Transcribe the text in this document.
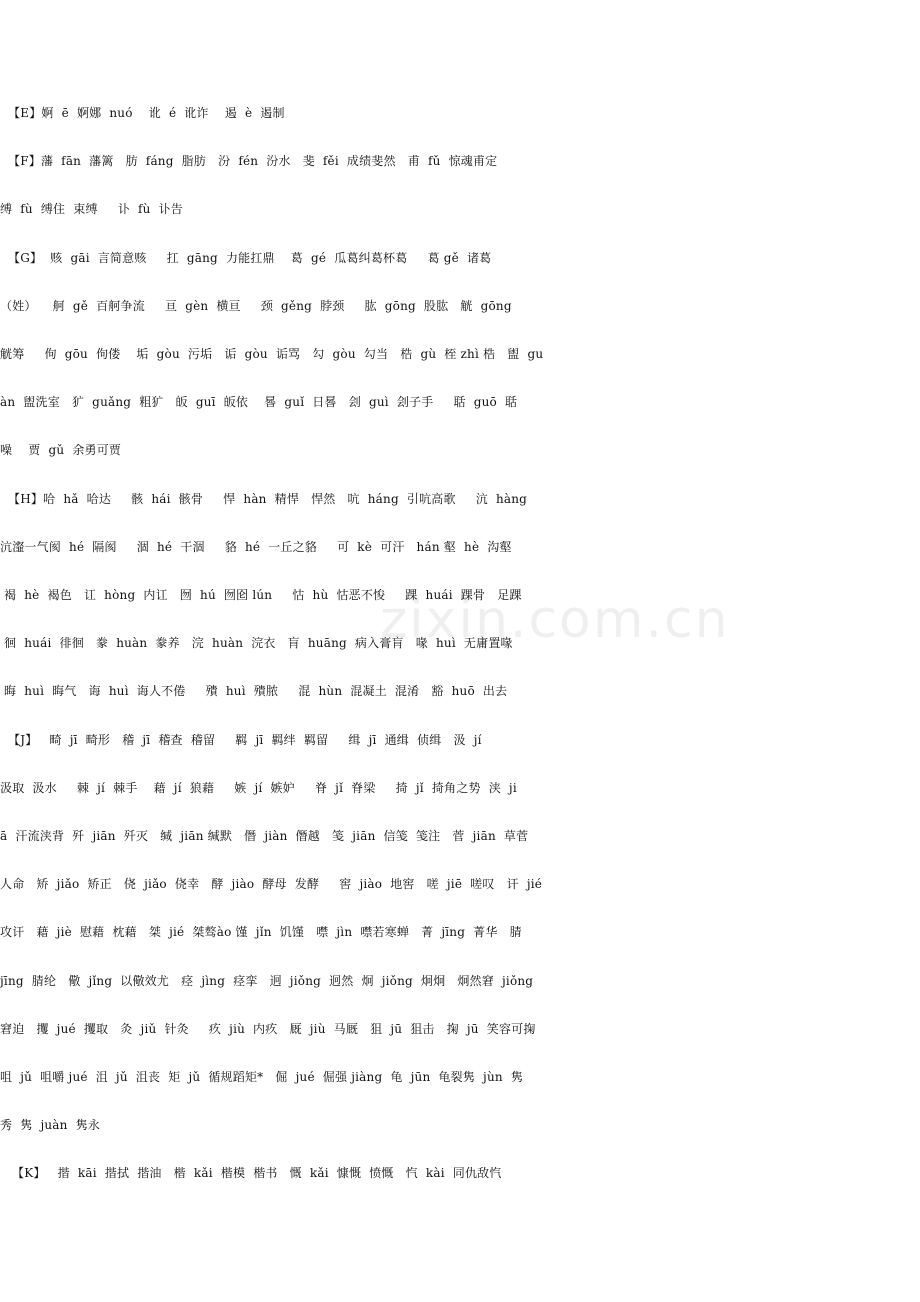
zixin.com.cn
【E】婀  ē  婀娜  nuó    讹  é  讹诈    遏  è  遏制
【F】藩  fān  藩篱   肪  fáng  脂肪   汾  fén  汾水   斐  fěi  成绩斐然   甫  fǔ  惊魂甫定
缚  fù  缚住  束缚     讣  fù  讣告
【G】  赅  gāi  言简意赅     扛  gāng  力能扛鼎    葛  gé  瓜葛纠葛杯葛     葛 gě  诸葛
（姓）    舸  gě  百舸争流     亘  gèn  横亘     颈  gěng  脖颈     肱  gōng  股肱   觥  gōng
觥筹     佝  gōu  佝偻    垢  gòu  污垢   诟  gòu  诟骂   勾  gòu  勾当   梏  gù  桎 zhì 梏   盥  gu
àn  盥洗室   犷  guǎng  粗犷   皈  guī  皈依    晷  guǐ  日晷   刽  guì  刽子手     聒  guō  聒
噪    贾  gǔ  余勇可贾
【H】哈  hǎ  哈达     骸  hái  骸骨     悍  hàn  精悍   悍然   吭  háng  引吭高歌     沆  hàng
沆瀣一气阂  hé  隔阂     涸  hé  干涸     貉  hé  一丘之貉     可  kè  可汗   hán 壑  hè  沟壑
褐  hè  褐色   讧  hòng  内讧   囫  hú  囫囵 lún     怙  hù  怙恶不悛     踝  huái  踝骨   足踝
徊  huái  徘徊   豢  huàn  豢养   浣  huàn  浣衣   肓  huāng  病入膏肓   喙  huì  无庸置喙
晦  huì  晦气   诲  huì  诲人不倦     殨  huì  殨脓     混  hùn  混凝土  混淆   豁  huō  出去
【J】   畸  jī  畸形   稽  jī  稽查  稽留     羁  jī  羁绊  羁留     缉  jī  通缉  侦缉   汲  jí
汲取  汲水     棘  jí  棘手    藉  jí  狼藉     嫉  jí  嫉妒     脊  jǐ  脊梁     掎  jǐ  掎角之势  浃  ji
ā  汗流浃背  歼  jiān  歼灭   缄  jiān 缄默   僭  jiàn  僭越   笺  jiān  信笺  笺注   菅  jiān  草菅
人命   矫  jiǎo  矫正   侥  jiǎo  侥幸   酵  jiào  酵母  发酵     窖  jiào  地窖   嗟  jiē  嗟叹   讦  jié
攻讦   藉  jiè  慰藉  枕藉   桀  jié  桀骜ào 馑  jǐn  饥馑   噤  jìn  噤若寒蝉   菁  jīng  菁华   腈
jīng  腈纶   儆  jǐng  以儆效尤   痉  jìng  痉挛   迥  jiǒng  迥然  炯  jiǒng  炯炯   炯然窘  jiǒng
窘迫   攫  jué  攫取   灸  jiǔ  针灸     疚  jiù  内疚   厩  jiù  马厩   狙  jū  狙击   掬  jū  笑容可掬
咀  jǔ  咀嚼 jué  沮  jǔ  沮丧  矩  jǔ  循规蹈矩*   倔  jué  倔强 jiàng  龟  jūn  龟裂隽  jùn  隽
秀  隽  juàn  隽永
【K】   揩  kāi  揩拭  揩油   楷  kǎi  楷模  楷书   慨  kǎi  慷慨  愤慨   忾  kài  同仇敌忾
